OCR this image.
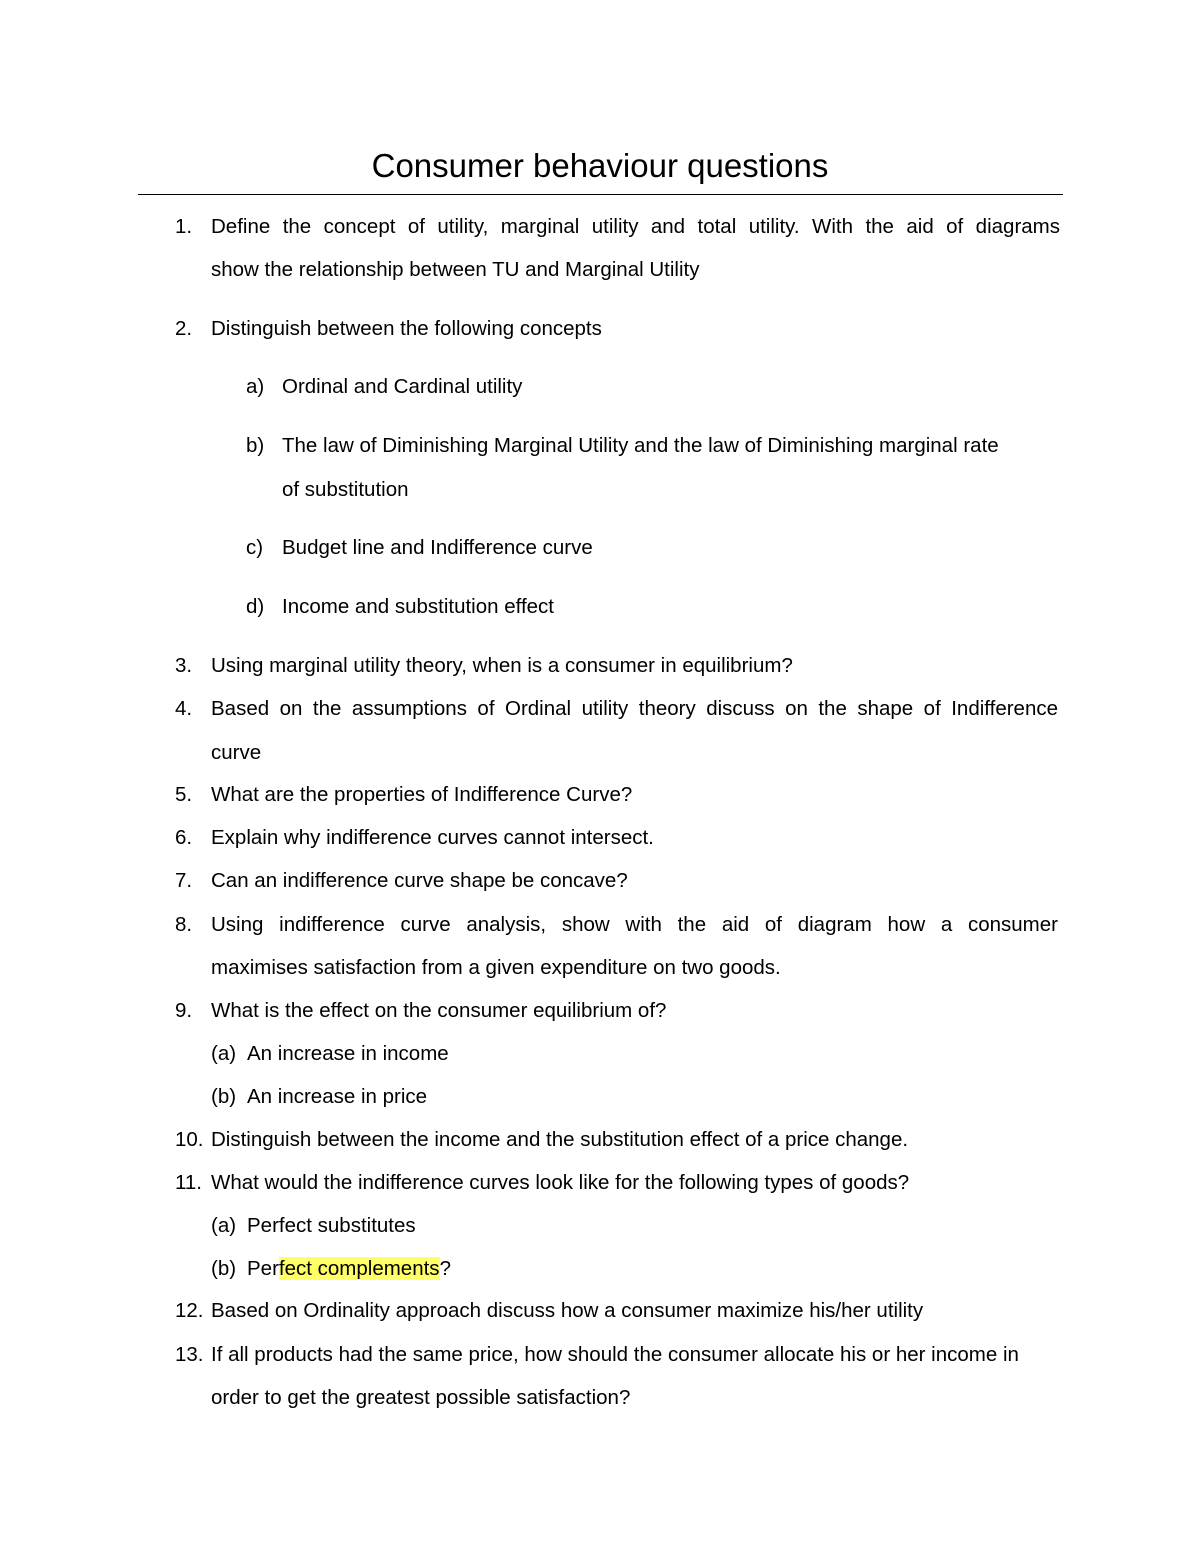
Consumer behaviour questions
1. Define the concept of utility, marginal utility and total utility. With the aid of diagrams
show the relationship between TU and Marginal Utility
2. Distinguish between the following concepts
a) Ordinal and Cardinal utility
b) The law of Diminishing Marginal Utility and the law of Diminishing marginal rate
of substitution
c) Budget line and Indifference curve
d) Income and substitution effect
3. Using marginal utility theory, when is a consumer in equilibrium?
4. Based on the assumptions of Ordinal utility theory discuss on the shape of Indifference
curve
5. What are the properties of Indifference Curve?
6. Explain why indifference curves cannot intersect.
7. Can an indifference curve shape be concave?
8. Using indifference curve analysis, show with the aid of diagram how a consumer
maximises satisfaction from a given expenditure on two goods.
9. What is the effect on the consumer equilibrium of?
(a) An increase in income
(b) An increase in price
10. Distinguish between the income and the substitution effect of a price change.
11. What would the indifference curves look like for the following types of goods?
(a) Perfect substitutes
(b) Perfect complements?
12. Based on Ordinality approach discuss how a consumer maximize his/her utility
13. If all products had the same price, how should the consumer allocate his or her income in
order to get the greatest possible satisfaction?
